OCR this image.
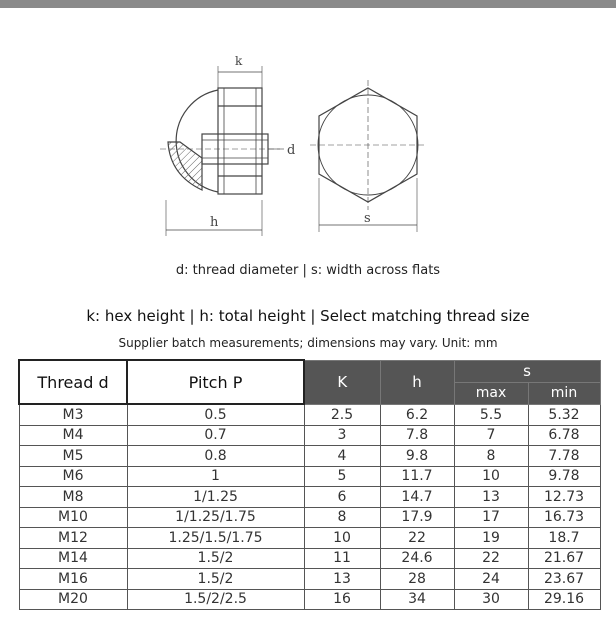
k
d
h	s
d: thread diameter | s: width across flats
k: hex height | h: total height | Select matching thread size
Supplier batch measurements; dimensions may vary. Unit: mm
Thread d	Pitch P	K	h	s	
				max	min
M3	0.5	2.5	6.2	5.5	5.32
M4	0.7	3	7.8	7	6.78
M5	0.8	4	9.8	8	7.78
M6	1	5	11.7	10	9.78
M8	1/1.25	6	14.7	13	12.73
M10	1/1.25/1.75	8	17.9	17	16.73
M12	1.25/1.5/1.75	10	22	19	18.7
M14	1.5/2	11	24.6	22	21.67
M16	1.5/2	13	28	24	23.67
M20	1.5/2/2.5	16	34	30	29.16
